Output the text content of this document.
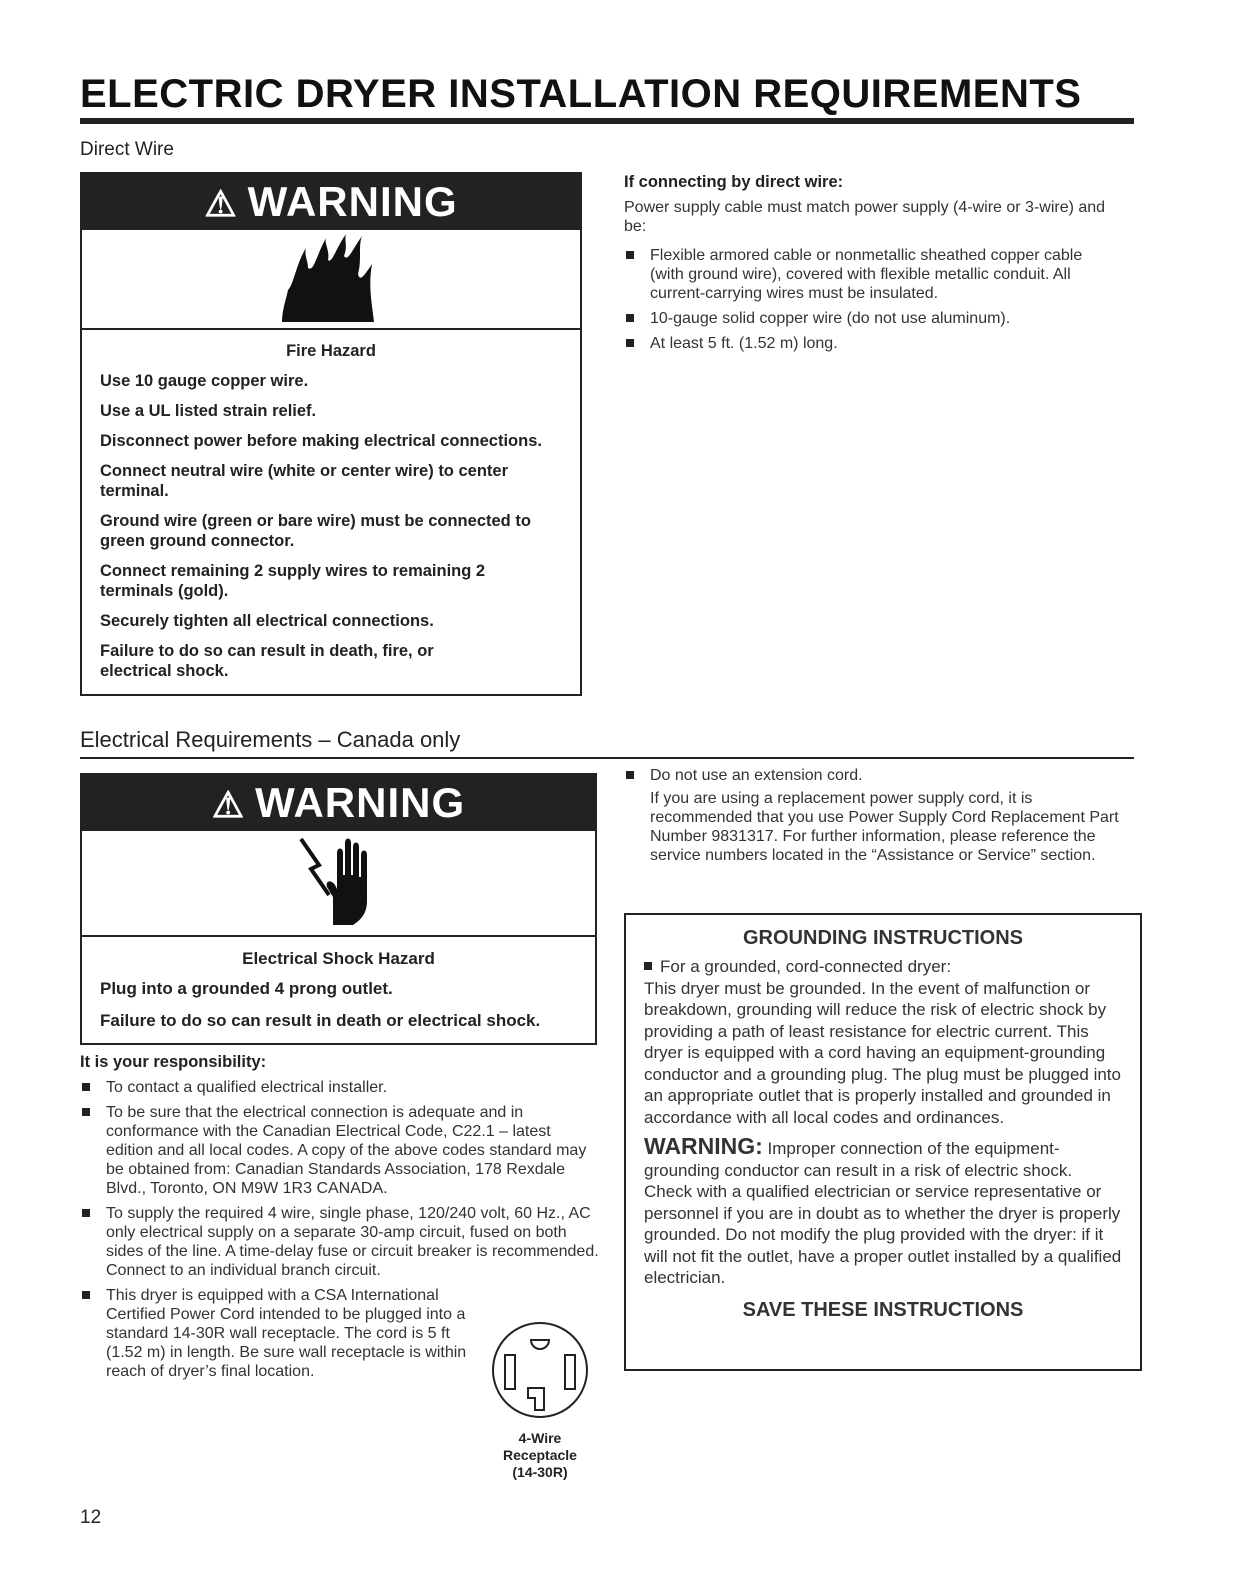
ELECTRIC DRYER INSTALLATION REQUIREMENTS
Direct Wire
⚠ WARNING
Fire Hazard

Use 10 gauge copper wire.

Use a UL listed strain relief.

Disconnect power before making electrical connections.

Connect neutral wire (white or center wire) to center terminal.

Ground wire (green or bare wire) must be connected to green ground connector.

Connect remaining 2 supply wires to remaining 2 terminals (gold).

Securely tighten all electrical connections.

Failure to do so can result in death, fire, or electrical shock.

If connecting by direct wire:

Power supply cable must match power supply (4-wire or 3-wire) and be:

Flexible armored cable or nonmetallic sheathed copper cable (with ground wire), covered with flexible metallic conduit. All current-carrying wires must be insulated.
10-gauge solid copper wire (do not use aluminum).
At least 5 ft. (1.52 m) long.
Electrical Requirements – Canada only
⚠ WARNING
Electrical Shock Hazard

Plug into a grounded 4 prong outlet.

Failure to do so can result in death or electrical shock.

It is your responsibility:

To contact a qualified electrical installer.
To be sure that the electrical connection is adequate and in conformance with the Canadian Electrical Code, C22.1 – latest edition and all local codes. A copy of the above codes standard may be obtained from: Canadian Standards Association, 178 Rexdale Blvd., Toronto, ON M9W 1R3 CANADA.
To supply the required 4 wire, single phase, 120/240 volt, 60 Hz., AC only electrical supply on a separate 30-amp circuit, fused on both sides of the line. A time-delay fuse or circuit breaker is recommended. Connect to an individual branch circuit.
This dryer is equipped with a CSA International Certified Power Cord intended to be plugged into a standard 14-30R wall receptacle. The cord is 5 ft (1.52 m) in length. Be sure wall receptacle is within reach of dryer’s final location.
4-Wire
Receptacle
(14-30R)
Do not use an extension cord.

If you are using a replacement power supply cord, it is recommended that you use Power Supply Cord Replacement Part Number 9831317. For further information, please reference the service numbers located in the “Assistance or Service” section.

GROUNDING INSTRUCTIONS

For a grounded, cord-connected dryer:

This dryer must be grounded. In the event of malfunction or breakdown, grounding will reduce the risk of electric shock by providing a path of least resistance for electric current. This dryer is equipped with a cord having an equipment-grounding conductor and a grounding plug. The plug must be plugged into an appropriate outlet that is properly installed and grounded in accordance with all local codes and ordinances.

WARNING: Improper connection of the equipment-grounding conductor can result in a risk of electric shock. Check with a qualified electrician or service representative or personnel if you are in doubt as to whether the dryer is properly grounded. Do not modify the plug provided with the dryer: if it will not fit the outlet, have a proper outlet installed by a qualified electrician.

SAVE THESE INSTRUCTIONS
12
